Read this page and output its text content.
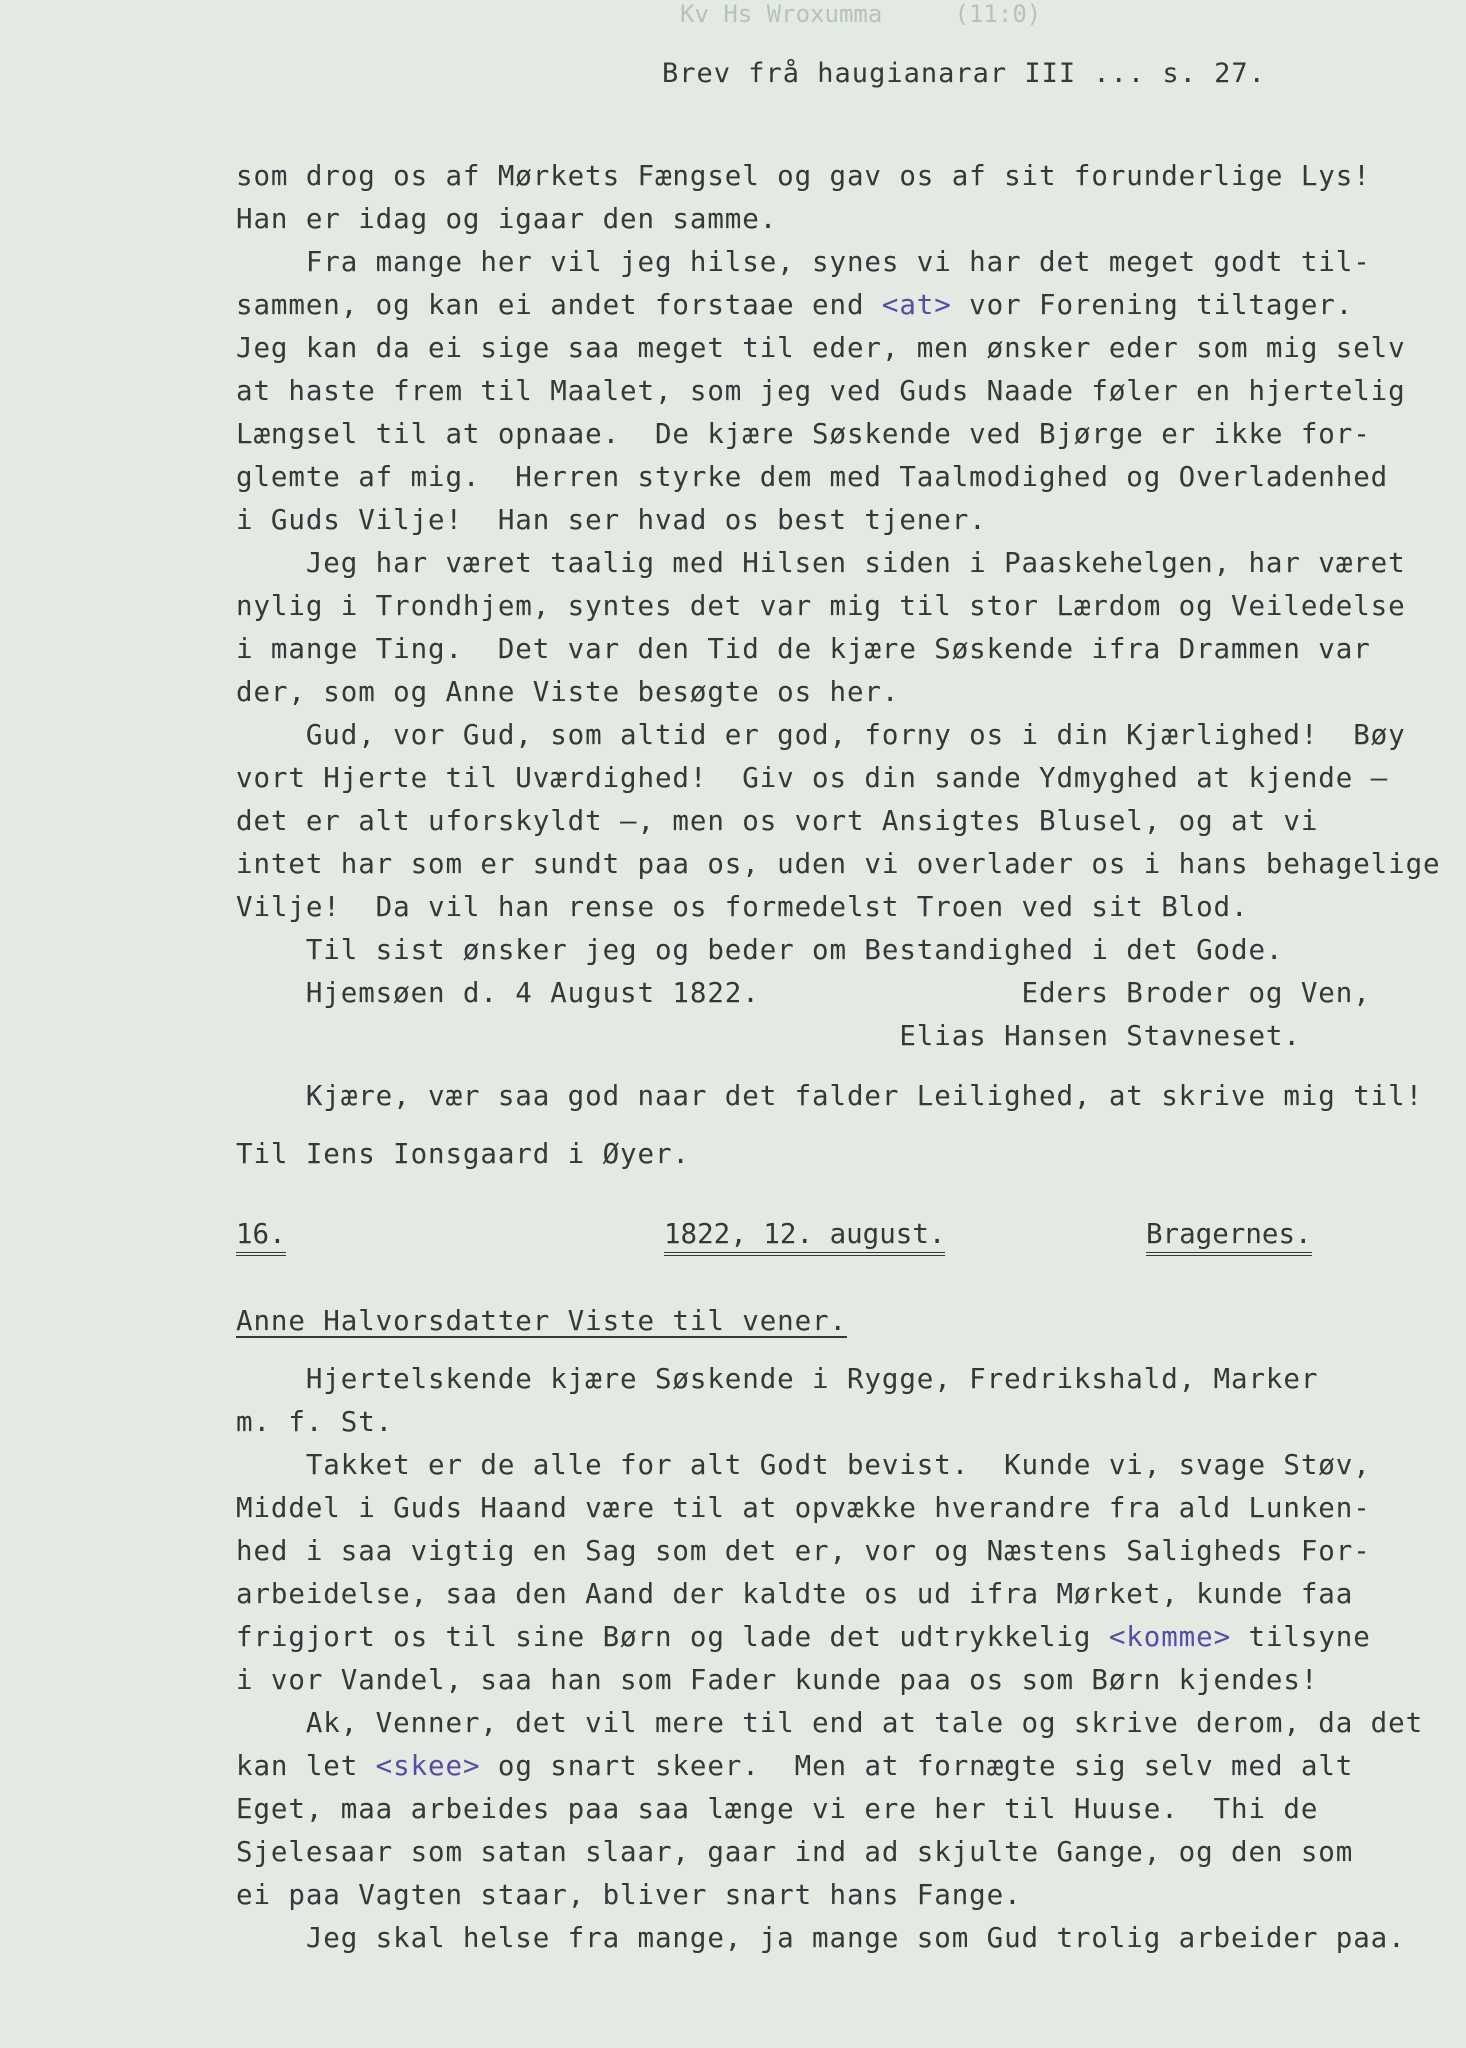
Kv Hs Wroxumma     (11:0)
Brev frå haugianarar III ... s. 27.
som drog os af Mørkets Fængsel og gav os af sit forunderlige Lys!
Han er idag og igaar den samme.
Fra mange her vil jeg hilse, synes vi har det meget godt til-
sammen, og kan ei andet forstaae end <at> vor Forening tiltager.
Jeg kan da ei sige saa meget til eder, men ønsker eder som mig selv
at haste frem til Maalet, som jeg ved Guds Naade føler en hjertelig
Længsel til at opnaae.  De kjære Søskende ved Bjørge er ikke for-
glemte af mig.  Herren styrke dem med Taalmodighed og Overladenhed
i Guds Vilje!  Han ser hvad os best tjener.
Jeg har været taalig med Hilsen siden i Paaskehelgen, har været
nylig i Trondhjem, syntes det var mig til stor Lærdom og Veiledelse
i mange Ting.  Det var den Tid de kjære Søskende ifra Drammen var
der, som og Anne Viste besøgte os her.
Gud, vor Gud, som altid er god, forny os i din Kjærlighed!  Bøy
vort Hjerte til Uværdighed!  Giv os din sande Ydmyghed at kjende —
det er alt uforskyldt —, men os vort Ansigtes Blusel, og at vi
intet har som er sundt paa os, uden vi overlader os i hans behagelige
Vilje!  Da vil han rense os formedelst Troen ved sit Blod.
Til sist ønsker jeg og beder om Bestandighed i det Gode.
Hjemsøen d. 4 August 1822.               Eders Broder og Ven,
Elias Hansen Stavneset.
Kjære, vær saa god naar det falder Leilighed, at skrive mig til!
Til Iens Ionsgaard i Øyer.
16.	1822, 12. august.	Bragernes.
Anne Halvorsdatter Viste til vener.
Hjertelskende kjære Søskende i Rygge, Fredrikshald, Marker
m. f. St.
Takket er de alle for alt Godt bevist.  Kunde vi, svage Støv,
Middel i Guds Haand være til at opvække hverandre fra ald Lunken-
hed i saa vigtig en Sag som det er, vor og Næstens Saligheds For-
arbeidelse, saa den Aand der kaldte os ud ifra Mørket, kunde faa
frigjort os til sine Børn og lade det udtrykkelig <komme> tilsyne
i vor Vandel, saa han som Fader kunde paa os som Børn kjendes!
Ak, Venner, det vil mere til end at tale og skrive derom, da det
kan let <skee> og snart skeer.  Men at fornægte sig selv med alt
Eget, maa arbeides paa saa længe vi ere her til Huuse.  Thi de
Sjelesaar som satan slaar, gaar ind ad skjulte Gange, og den som
ei paa Vagten staar, bliver snart hans Fange.
Jeg skal helse fra mange, ja mange som Gud trolig arbeider paa.
